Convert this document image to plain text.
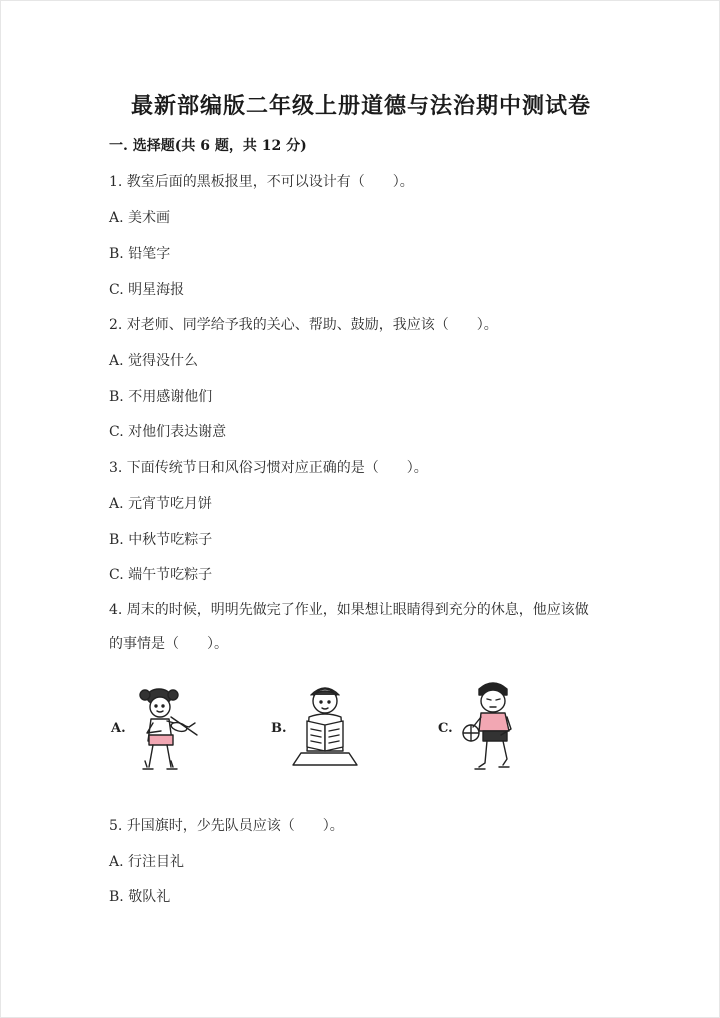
最新部编版二年级上册道德与法治期中测试卷
一. 选择题(共 6 题，共 12 分)
1. 教室后面的黑板报里，不可以设计有（　　）。
A. 美术画
B. 铅笔字
C. 明星海报
2. 对老师、同学给予我的关心、帮助、鼓励，我应该（　　）。
A. 觉得没什么
B. 不用感谢他们
C. 对他们表达谢意
3. 下面传统节日和风俗习惯对应正确的是（　　）。
A. 元宵节吃月饼
B. 中秋节吃粽子
C. 端午节吃粽子
4. 周末的时候，明明先做完了作业，如果想让眼睛得到充分的休息，他应该做
的事情是（　　）。
A.	B.	C.
5. 升国旗时，少先队员应该（　　）。
A. 行注目礼
B. 敬队礼
